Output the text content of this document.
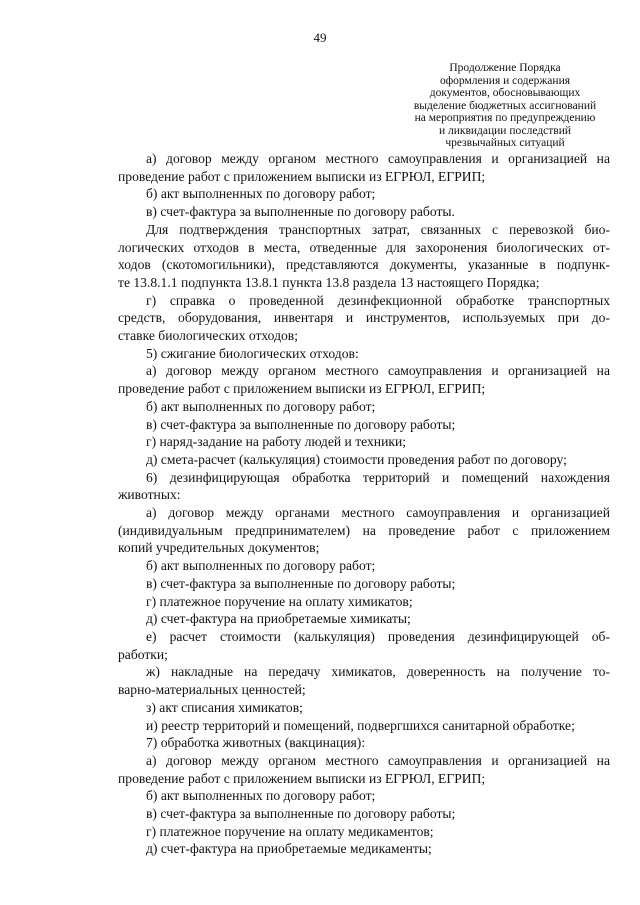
49
Продолжение Порядка
оформления и содержания
документов, обосновывающих
выделение бюджетных ассигнований
на мероприятия по предупреждению
и ликвидации последствий
чрезвычайных ситуаций
а) договор между органом местного самоуправления и организацией на
проведение работ с приложением выписки из ЕГРЮЛ, ЕГРИП;
б) акт выполненных по договору работ;
в) счет-фактура за выполненные по договору работы.
Для подтверждения транспортных затрат, связанных с перевозкой био-
логических отходов в места, отведенные для захоронения биологических от-
ходов (скотомогильники), представляются документы, указанные в подпунк-
те 13.8.1.1 подпункта 13.8.1 пункта 13.8 раздела 13 настоящего Порядка;
г) справка о проведенной дезинфекционной обработке транспортных
средств, оборудования, инвентаря и инструментов, используемых при до-
ставке биологических отходов;
5) сжигание биологических отходов:
а) договор между органом местного самоуправления и организацией на
проведение работ с приложением выписки из ЕГРЮЛ, ЕГРИП;
б) акт выполненных по договору работ;
в) счет-фактура за выполненные по договору работы;
г) наряд-задание на работу людей и техники;
д) смета-расчет (калькуляция) стоимости проведения работ по договору;
6) дезинфицирующая обработка территорий и помещений нахождения
животных:
а) договор между органами местного самоуправления и организацией
(индивидуальным предпринимателем) на проведение работ с приложением
копий учредительных документов;
б) акт выполненных по договору работ;
в) счет-фактура за выполненные по договору работы;
г) платежное поручение на оплату химикатов;
д) счет-фактура на приобретаемые химикаты;
е) расчет стоимости (калькуляция) проведения дезинфицирующей об-
работки;
ж) накладные на передачу химикатов, доверенность на получение то-
варно-материальных ценностей;
з) акт списания химикатов;
и) реестр территорий и помещений, подвергшихся санитарной обработке;
7) обработка животных (вакцинация):
а) договор между органом местного самоуправления и организацией на
проведение работ с приложением выписки из ЕГРЮЛ, ЕГРИП;
б) акт выполненных по договору работ;
в) счет-фактура за выполненные по договору работы;
г) платежное поручение на оплату медикаментов;
д) счет-фактура на приобретаемые медикаменты;
